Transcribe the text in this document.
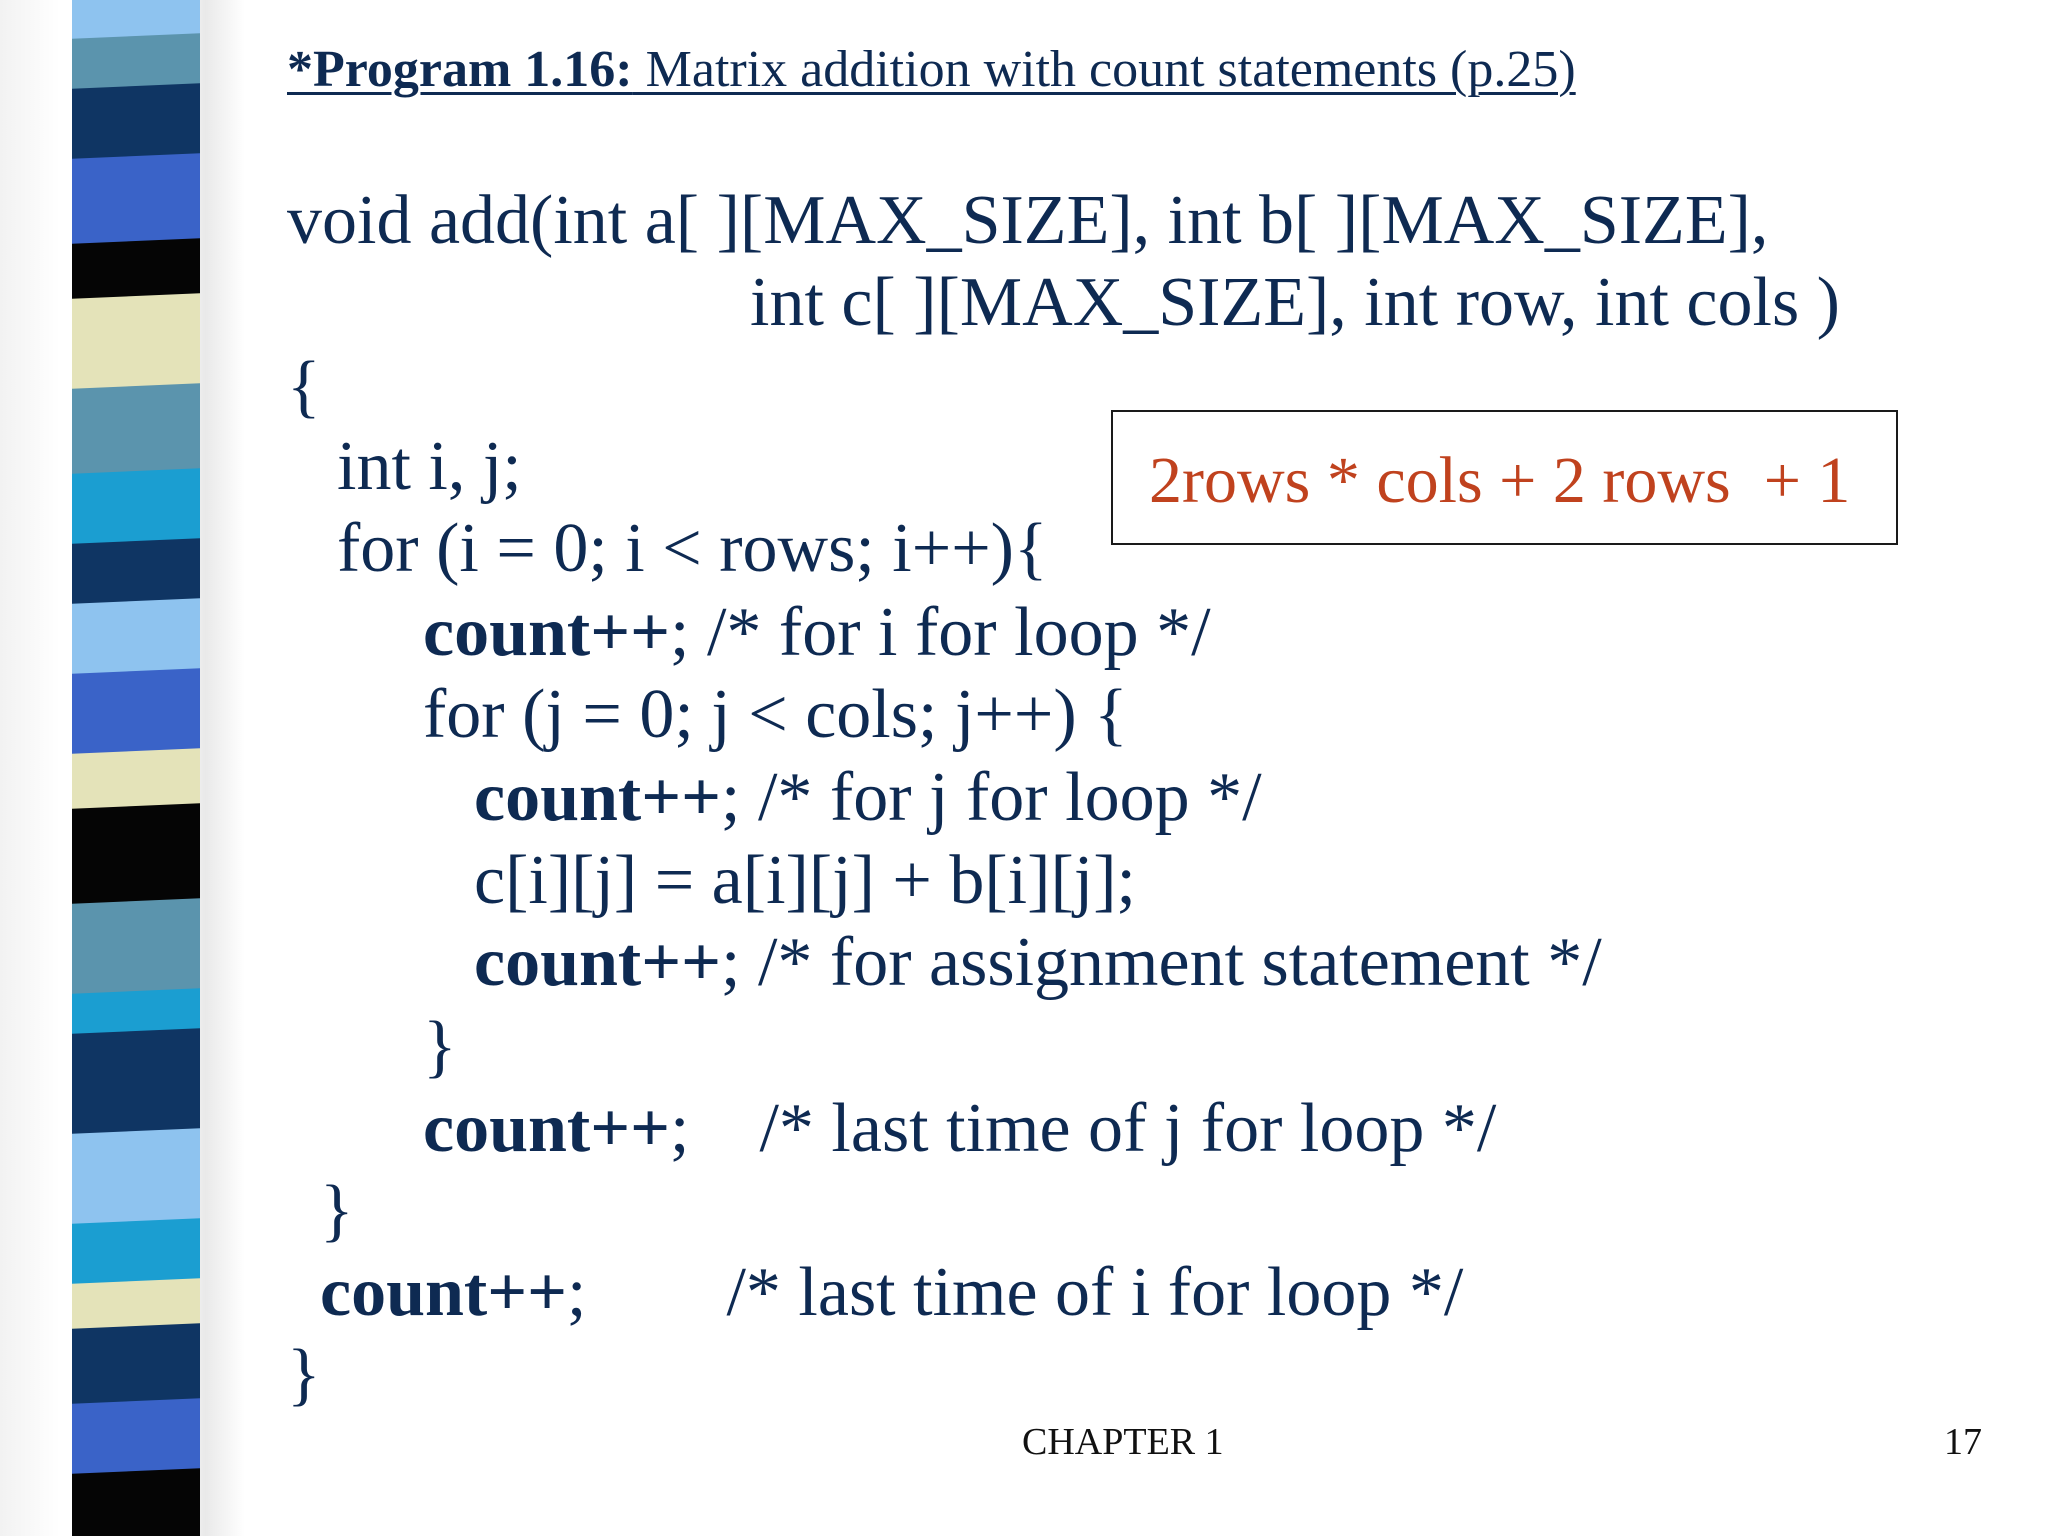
*Program 1.16: Matrix addition with count statements (p.25)
void add(int a[ ][MAX_SIZE], int b[ ][MAX_SIZE],
int c[ ][MAX_SIZE], int row, int cols )
{
int i, j;
for (i = 0; i < rows; i++){
count++; /* for i for loop */
for (j = 0; j < cols; j++) {
count++; /* for j for loop */
c[i][j] = a[i][j] + b[i][j];
count++; /* for assignment statement */
}
count++;    /* last time of j for loop */
}
count++;        /* last time of i for loop */
}
2rows * cols + 2 rows  + 1
CHAPTER 1	17
